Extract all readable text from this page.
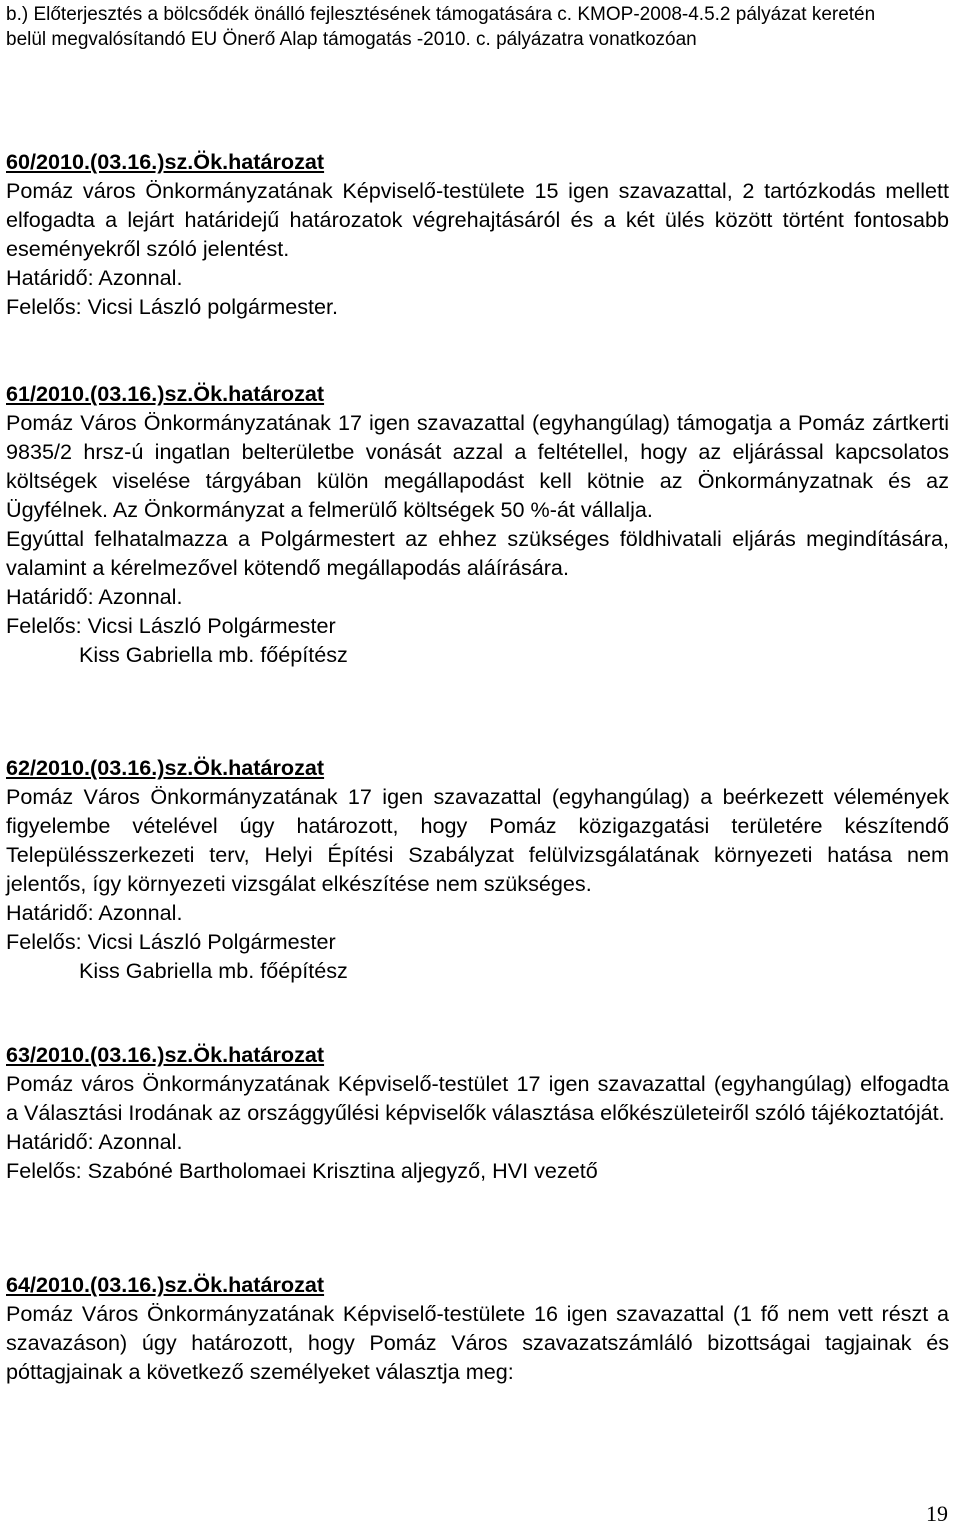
b.) Előterjesztés a bölcsődék önálló fejlesztésének támogatására c. KMOP-2008-4.5.2 pályázat keretén belül megvalósítandó EU Önerő Alap támogatás -2010. c. pályázatra vonatkozóan

60/2010.(03.16.)sz.Ök.határozat

Pomáz város Önkormányzatának Képviselő-testülete 15 igen szavazattal, 2 tartózkodás mellett elfogadta a lejárt határidejű határozatok végrehajtásáról és a két ülés között történt fontosabb eseményekről szóló jelentést.

Határidő: Azonnal.

Felelős: Vicsi László polgármester.

61/2010.(03.16.)sz.Ök.határozat

Pomáz Város Önkormányzatának 17 igen szavazattal (egyhangúlag) támogatja a Pomáz zártkerti 9835/2 hrsz-ú ingatlan belterületbe vonását azzal a feltétellel, hogy az eljárással kapcsolatos költségek viselése tárgyában külön megállapodást kell kötnie az Önkormányzatnak és az Ügyfélnek. Az Önkormányzat a felmerülő költségek 50 %-át vállalja.

Egyúttal felhatalmazza a Polgármestert az ehhez szükséges földhivatali eljárás megindítására, valamint a kérelmezővel kötendő megállapodás aláírására.

Határidő: Azonnal.

Felelős: Vicsi László Polgármester

Kiss Gabriella mb. főépítész

62/2010.(03.16.)sz.Ök.határozat

Pomáz Város Önkormányzatának 17 igen szavazattal (egyhangúlag) a beérkezett vélemények figyelembe vételével úgy határozott, hogy Pomáz közigazgatási területére készítendő Településszerkezeti terv, Helyi Építési Szabályzat felülvizsgálatának környezeti hatása nem jelentős, így környezeti vizsgálat elkészítése nem szükséges.

Határidő: Azonnal.

Felelős: Vicsi László Polgármester

Kiss Gabriella mb. főépítész

63/2010.(03.16.)sz.Ök.határozat

Pomáz város Önkormányzatának Képviselő-testület 17 igen szavazattal (egyhangúlag) elfogadta a Választási Irodának az országgyűlési képviselők választása előkészületeiről szóló tájékoztatóját.

Határidő: Azonnal.

Felelős: Szabóné Bartholomaei Krisztina aljegyző, HVI vezető

64/2010.(03.16.)sz.Ök.határozat

Pomáz Város Önkormányzatának Képviselő-testülete 16 igen szavazattal (1 fő nem vett részt a szavazáson) úgy határozott, hogy Pomáz Város szavazatszámláló bizottságai tagjainak és póttagjainak a következő személyeket választja meg:

19
